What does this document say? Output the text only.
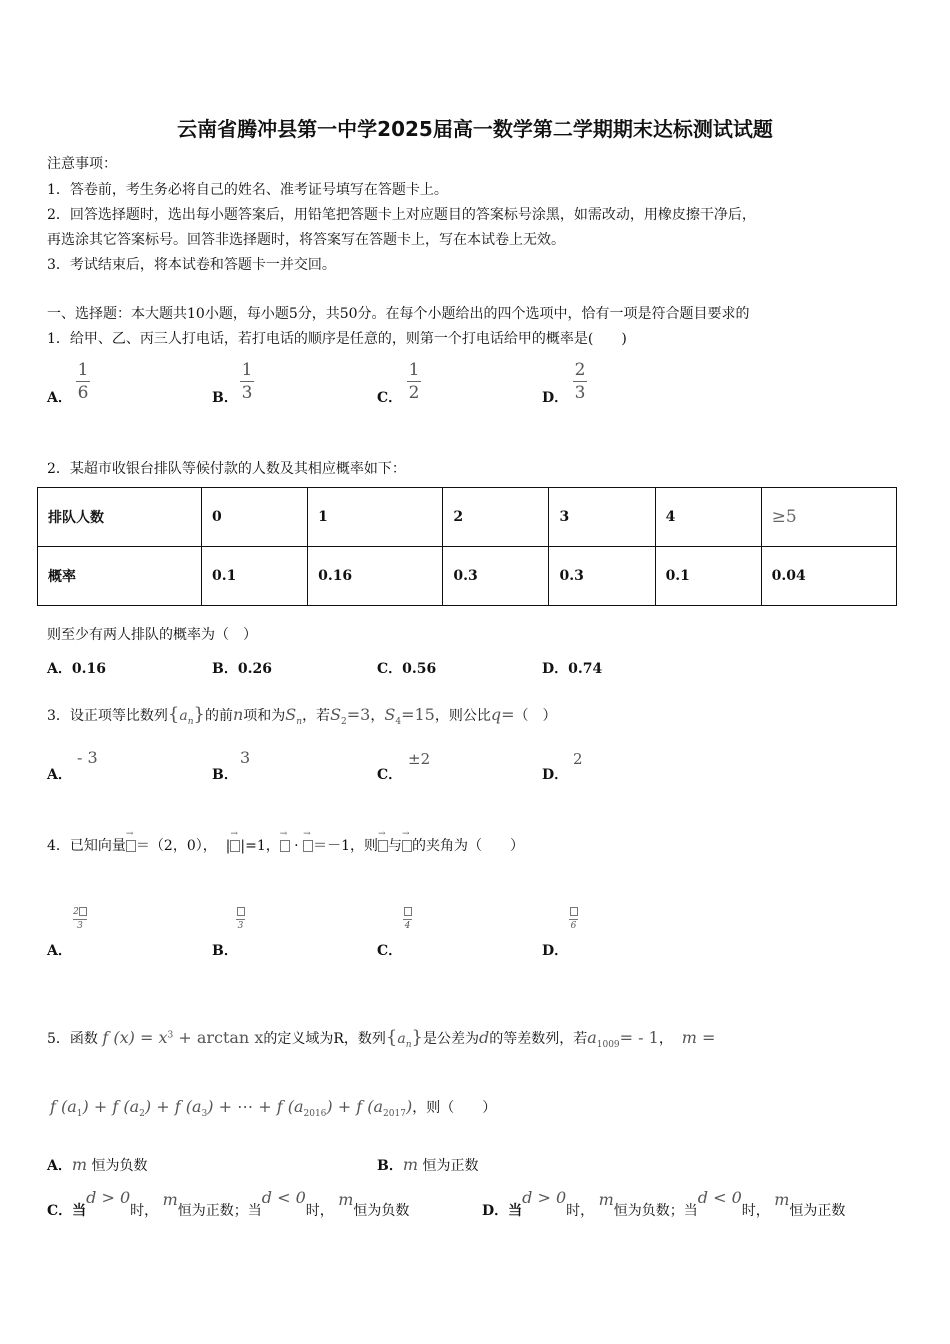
云南省腾冲县第一中学2025届高一数学第二学期期末达标测试试题
注意事项：
1．答卷前，考生务必将自己的姓名、准考证号填写在答题卡上。
2．回答选择题时，选出每小题答案后，用铅笔把答题卡上对应题目的答案标号涂黑，如需改动，用橡皮擦干净后，
再选涂其它答案标号。回答非选择题时，将答案写在答题卡上，写在本试卷上无效。
3．考试结束后，将本试卷和答题卡一并交回。
一、选择题：本大题共10小题，每小题5分，共50分。在每个小题给出的四个选项中，恰有一项是符合题目要求的
1．给甲、乙、丙三人打电话，若打电话的顺序是任意的，则第一个打电话给甲的概率是(　　)
A．
1
6	B．
1
3	C．
1
2	D．
2
3
2．某超市收银台排队等候付款的人数及其相应概率如下：
排队人数	0	1	2	3	4	≥5
概率	0.1	0.16	0.3	0.3	0.1	0.04
则至少有两人排队的概率为（　）
A．0.16	B．0.26	C．0.56	D．0.74
3．设正项等比数列$\{a_n\}$的前n项和为$S_n$，若$S_2=3$，$S_4=15$，则公比q=（　）
A．
- 3
B．
3
C．
±2
D．
2
4．已知向量
→
＝（2，0），  |
→
|=1，
→
·
→
＝－1，则
→
与
→
的夹角为（　　）
A．
2
3
B．
3
C．
4
D．
6
5．函数 f $(x) = x^3 + \arctan x$的定义域为R，数列$\{a_n\}$是公差为d的等差数列，若$a_{1009}= - 1$， m =
f $(a_1) + f$ $(a_2) + f$ $(a_3)$ + ⋯ + f $(a_{2016}) + f$ $(a_{2017})$，则（　　）
A．m 恒为负数	B．m 恒为正数
C．当d > 0时， m恒为正数；当d < 0时， m恒为负数	D．当d > 0时， m恒为负数；当d < 0时， m恒为正数
